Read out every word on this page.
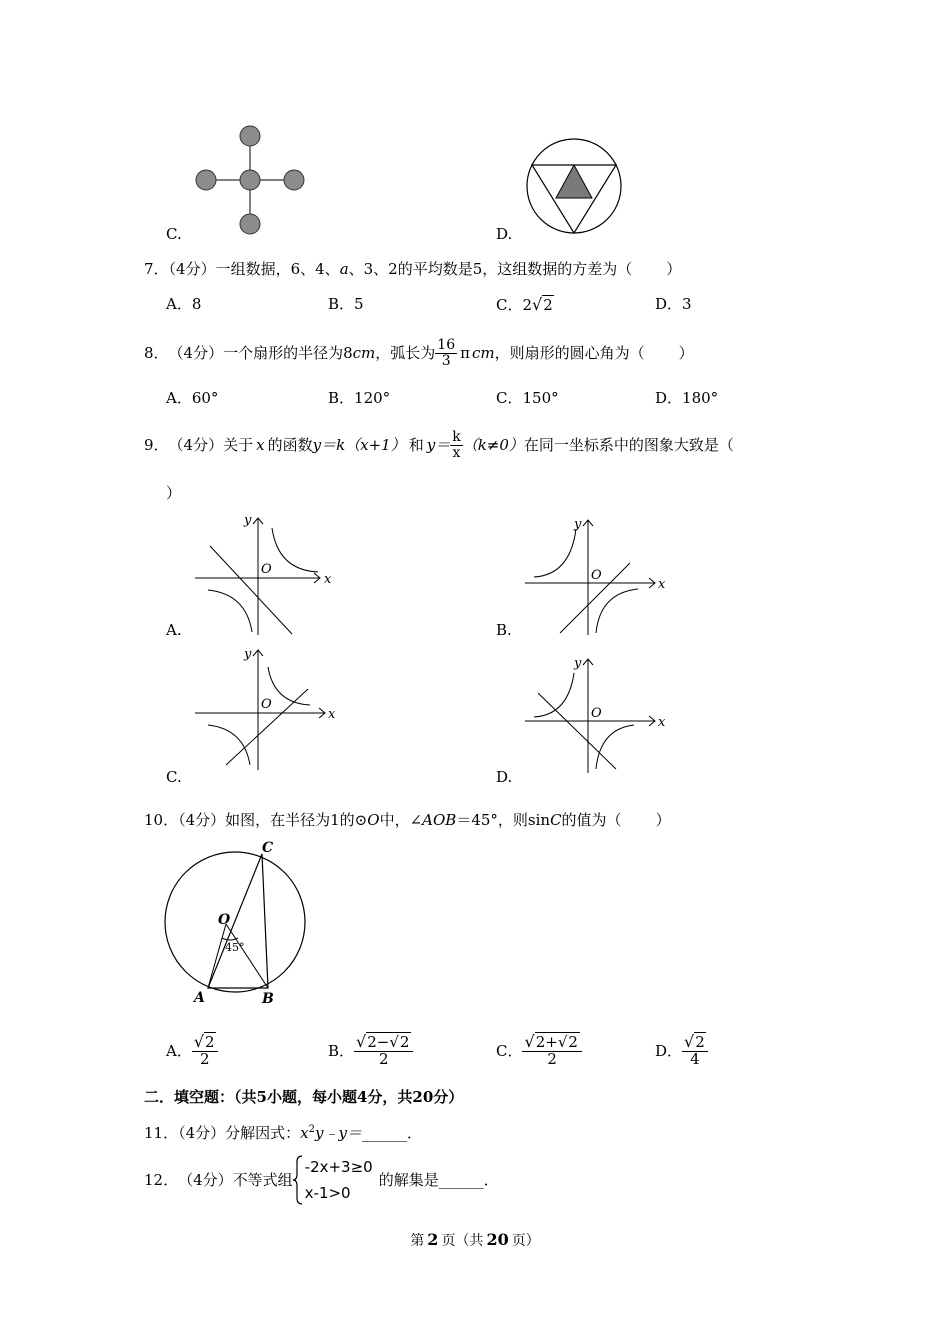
C.	D.
7．（4分）一组数据，6、4、a、3、2的平均数是5，这组数据的方差为（ ）
A．8	B．5	C．2√2	D．3
8． （4分） 一个扇形的半径为8 cm ，弧长为 $\frac{16}{3}$ π cm ，则扇形的圆心角为（ ）
A．60°	B．120°	C．150°	D．180°
9． （4分） 关于 x 的函数 y＝k（x+1） 和 $y= \frac{k}{x} (k\ne 0)$ 在同一坐标系中的图象大致是（
）
x
y
O
A.
x
y
O
B.
x
y
O
C.
x
y
O
D.
10．（4分）如图，在半径为1的⊙O中，∠AOB＝45°，则sinC的值为（ ）
C
O
45°
A	B
A． $\frac{√2}{2}$	B． $\frac{√2-√2}{2}$	C． $\frac{√2+√2}{2}$	D． $\frac{√2}{4}$
二．填空题：（共5小题，每小题4分，共20分）
11．（4分）分解因式：$x^2y﹣y=\_\_\_\_\_\_$．
12． （4分） 不等式组
-2x+3≥0
x-1>0
的解集是 ______ ．
第 2 页（共 20 页）
